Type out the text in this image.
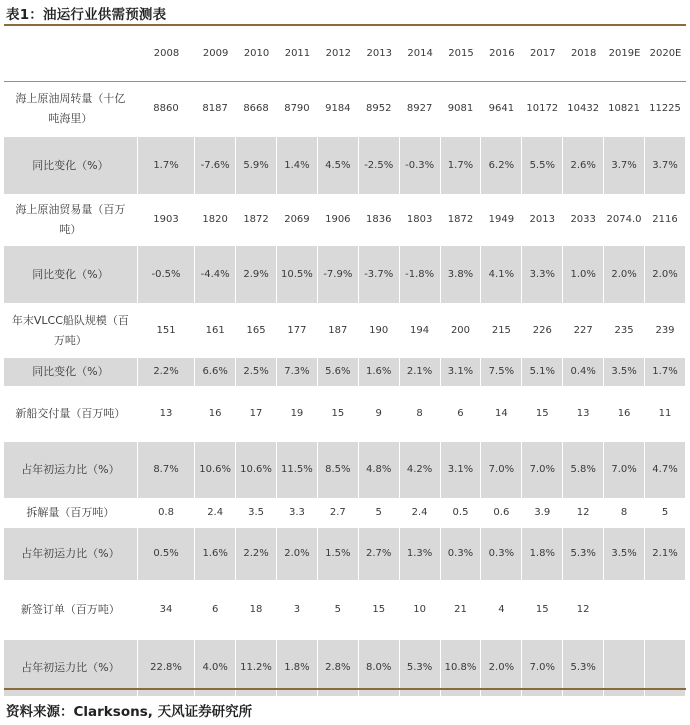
表1：油运行业供需预测表
	2008	2009	2010	2011	2012	2013	2014	2015	2016	2017	2018	2019E	2020E
海上原油周转量（十亿吨海里）	8860	8187	8668	8790	9184	8952	8927	9081	9641	10172	10432	10821	11225
同比变化（%）	1.7%	-7.6%	5.9%	1.4%	4.5%	-2.5%	-0.3%	1.7%	6.2%	5.5%	2.6%	3.7%	3.7%
海上原油贸易量（百万吨）	1903	1820	1872	2069	1906	1836	1803	1872	1949	2013	2033	2074.0	2116
同比变化（%）	-0.5%	-4.4%	2.9%	10.5%	-7.9%	-3.7%	-1.8%	3.8%	4.1%	3.3%	1.0%	2.0%	2.0%
年末VLCC船队规模（百万吨）	151	161	165	177	187	190	194	200	215	226	227	235	239
同比变化（%）	2.2%	6.6%	2.5%	7.3%	5.6%	1.6%	2.1%	3.1%	7.5%	5.1%	0.4%	3.5%	1.7%
新船交付量（百万吨）	13	16	17	19	15	9	8	6	14	15	13	16	11
占年初运力比（%）	8.7%	10.6%	10.6%	11.5%	8.5%	4.8%	4.2%	3.1%	7.0%	7.0%	5.8%	7.0%	4.7%
拆解量（百万吨）	0.8	2.4	3.5	3.3	2.7	5	2.4	0.5	0.6	3.9	12	8	5
占年初运力比（%）	0.5%	1.6%	2.2%	2.0%	1.5%	2.7%	1.3%	0.3%	0.3%	1.8%	5.3%	3.5%	2.1%
新签订单（百万吨）	34	6	18	3	5	15	10	21	4	15	12		
占年初运力比（%）	22.8%	4.0%	11.2%	1.8%	2.8%	8.0%	5.3%	10.8%	2.0%	7.0%	5.3%		
资料来源：Clarksons, 天风证券研究所
